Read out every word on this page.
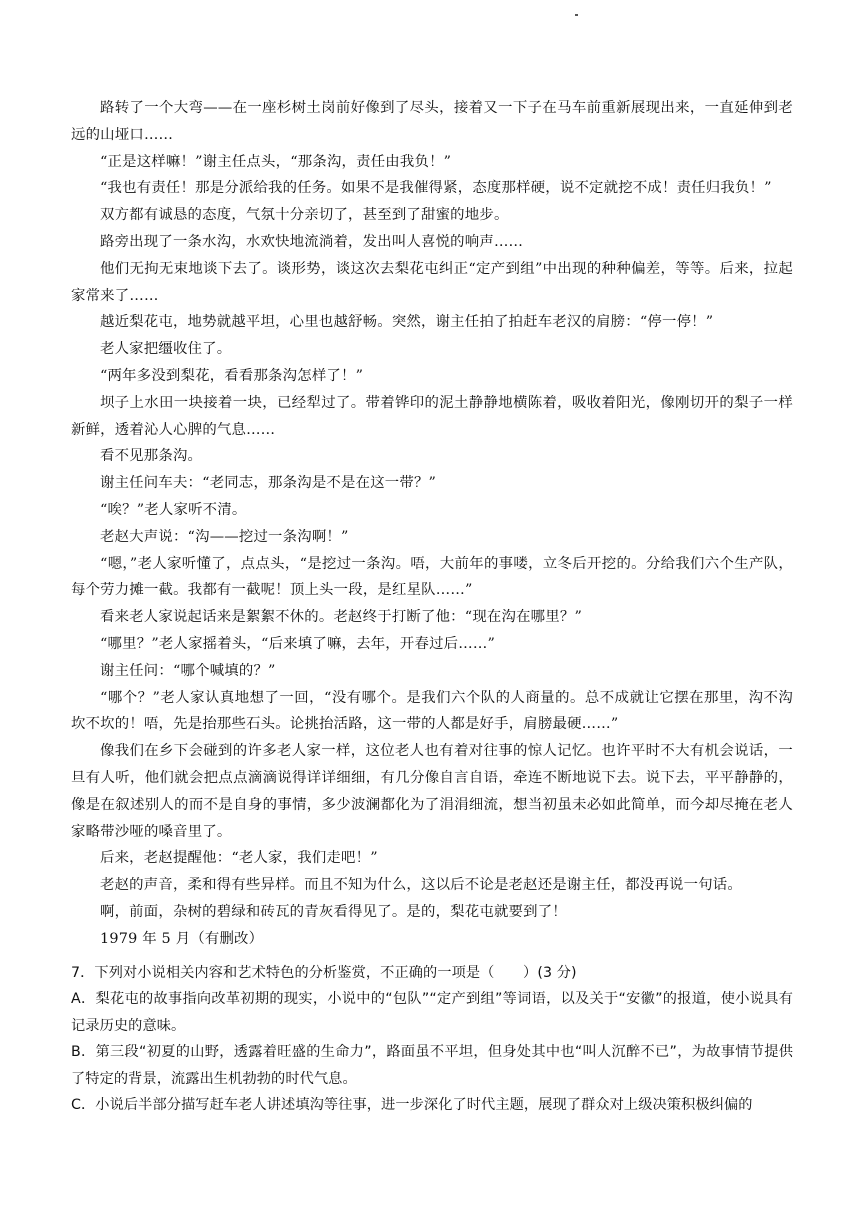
路转了一个大弯——在一座杉树土岗前好像到了尽头，接着又一下子在马车前重新展现出来，一直延伸到老远的山垭口……

“正是这样嘛！”谢主任点头，“那条沟，责任由我负！”

“我也有责任！那是分派给我的任务。如果不是我催得紧，态度那样硬，说不定就挖不成！责任归我负！”

双方都有诚恳的态度，气氛十分亲切了，甚至到了甜蜜的地步。

路旁出现了一条水沟，水欢快地流淌着，发出叫人喜悦的响声……

他们无拘无束地谈下去了。谈形势，谈这次去梨花屯纠正“定产到组”中出现的种种偏差，等等。后来，拉起家常来了……

越近梨花屯，地势就越平坦，心里也越舒畅。突然，谢主任拍了拍赶车老汉的肩膀：“停一停！”

老人家把缰收住了。

“两年多没到梨花，看看那条沟怎样了！”

坝子上水田一块接着一块，已经犁过了。带着铧印的泥土静静地横陈着，吸收着阳光，像刚切开的梨子一样新鲜，透着沁人心脾的气息……

看不见那条沟。

谢主任问车夫：“老同志，那条沟是不是在这一带？”

“唉？”老人家听不清。

老赵大声说：“沟——挖过一条沟啊！”

“嗯，”老人家听懂了，点点头，“是挖过一条沟。唔，大前年的事喽，立冬后开挖的。分给我们六个生产队，每个劳力摊一截。我都有一截呢！顶上头一段，是红星队……”

看来老人家说起话来是絮絮不休的。老赵终于打断了他：“现在沟在哪里？”

“哪里？”老人家摇着头，“后来填了嘛，去年，开春过后……”

谢主任问：“哪个喊填的？”

“哪个？”老人家认真地想了一回，“没有哪个。是我们六个队的人商量的。总不成就让它摆在那里，沟不沟坎不坎的！唔，先是抬那些石头。论挑抬活路，这一带的人都是好手，肩膀最硬……”

像我们在乡下会碰到的许多老人家一样，这位老人也有着对往事的惊人记忆。也许平时不大有机会说话，一旦有人听，他们就会把点点滴滴说得详详细细，有几分像自言自语，牵连不断地说下去。说下去，平平静静的，像是在叙述别人的而不是自身的事情，多少波澜都化为了涓涓细流，想当初虽未必如此简单，而今却尽掩在老人家略带沙哑的嗓音里了。

后来，老赵提醒他：“老人家，我们走吧！”

老赵的声音，柔和得有些异样。而且不知为什么，这以后不论是老赵还是谢主任，都没再说一句话。

啊，前面，杂树的碧绿和砖瓦的青灰看得见了。是的，梨花屯就要到了！

1979 年 5 月（有删改）

7．下列对小说相关内容和艺术特色的分析鉴赏，不正确的一项是（　　）(3 分)

A．梨花屯的故事指向改革初期的现实，小说中的“包队”“定产到组”等词语，以及关于“安徽”的报道，使小说具有记录历史的意味。

B．第三段“初夏的山野，透露着旺盛的生命力”，路面虽不平坦，但身处其中也“叫人沉醉不已”，为故事情节提供了特定的背景，流露出生机勃勃的时代气息。

C．小说后半部分描写赶车老人讲述填沟等往事，进一步深化了时代主题，展现了群众对上级决策积极纠偏的
